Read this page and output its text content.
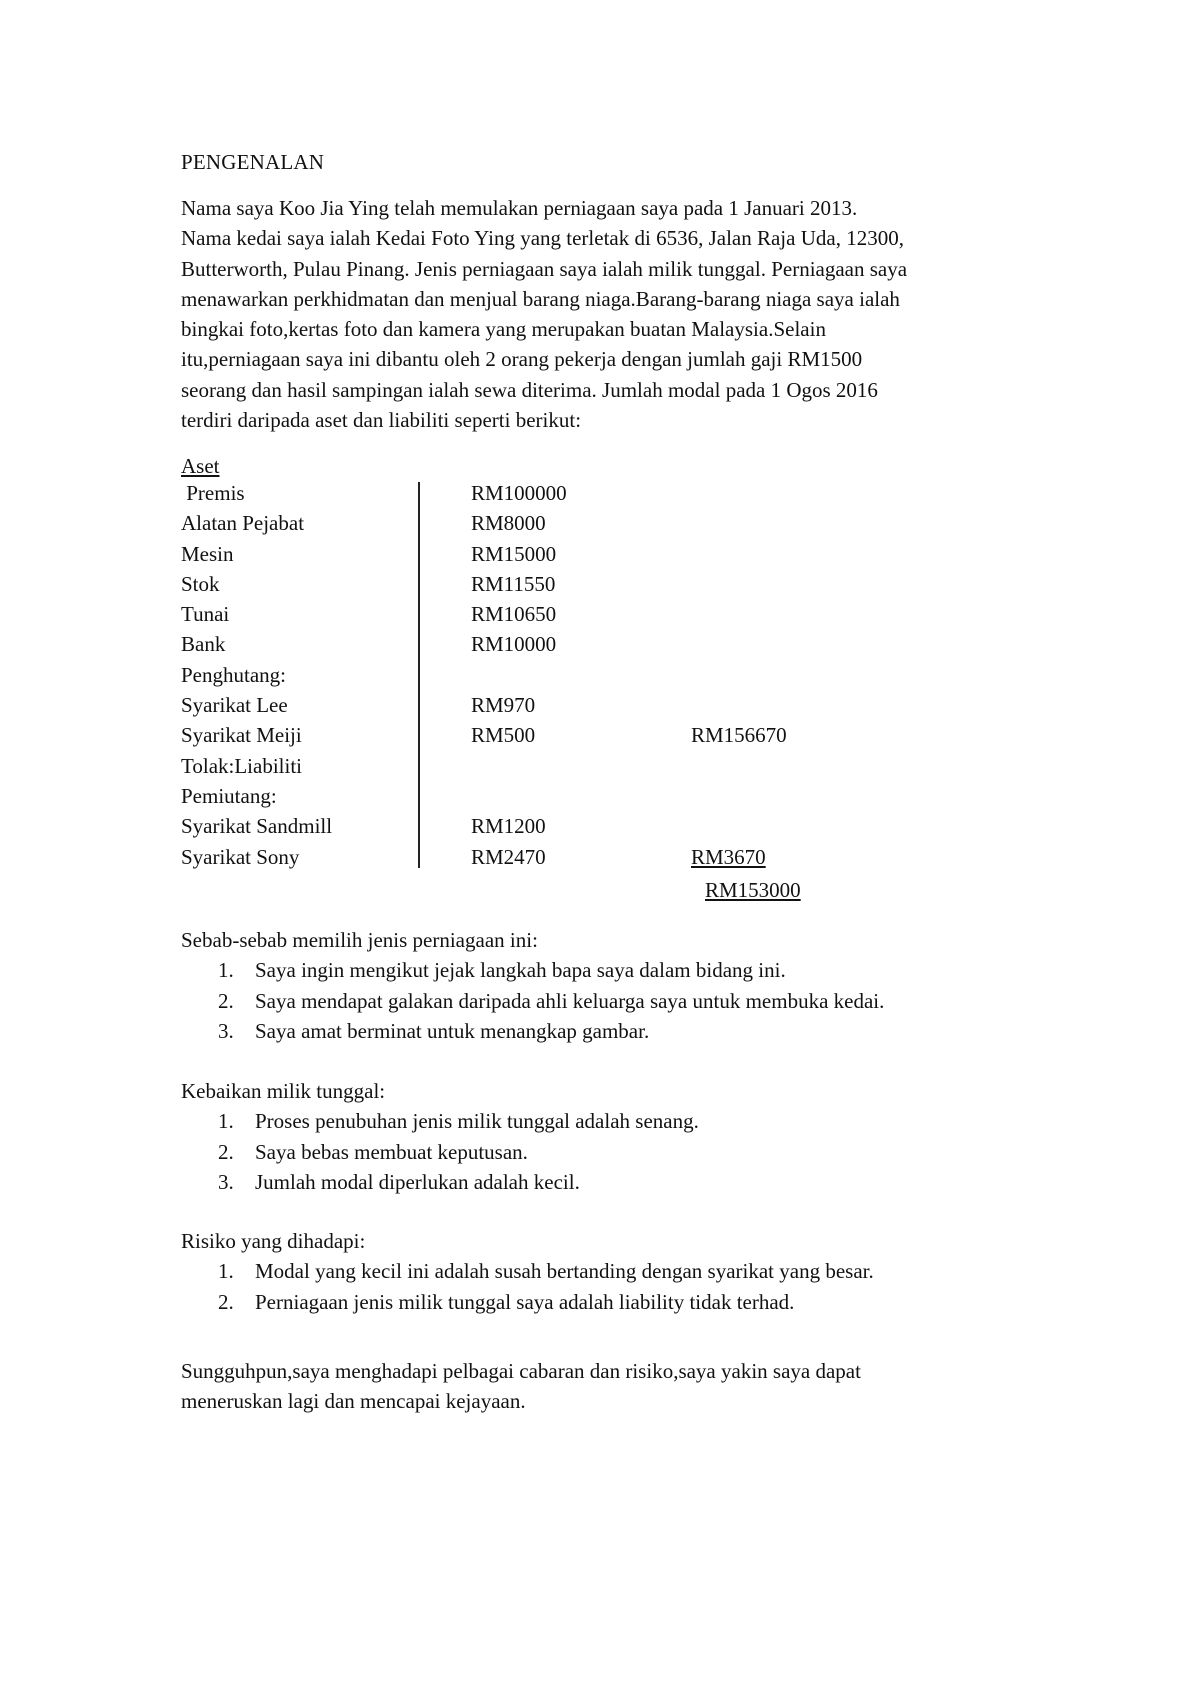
PENGENALAN
Nama saya Koo Jia Ying telah memulakan perniagaan saya pada 1 Januari 2013.
Nama kedai saya ialah Kedai Foto Ying yang terletak di 6536, Jalan Raja Uda, 12300,
Butterworth, Pulau Pinang. Jenis perniagaan saya ialah milik tunggal. Perniagaan saya
menawarkan perkhidmatan dan menjual barang niaga.Barang-barang niaga saya ialah
bingkai foto,kertas foto dan kamera yang merupakan buatan Malaysia.Selain
itu,perniagaan saya ini dibantu oleh 2 orang pekerja dengan jumlah gaji RM1500
seorang dan hasil sampingan ialah sewa diterima. Jumlah modal pada 1 Ogos 2016
terdiri daripada aset dan liabiliti seperti berikut:
Aset
Premis	RM100000
Alatan Pejabat	RM8000
Mesin	RM15000
Stok	RM11550
Tunai	RM10650
Bank	RM10000
Penghutang:
Syarikat Lee	RM970
Syarikat Meiji	RM500	RM156670
Tolak:Liabiliti
Pemiutang:
Syarikat Sandmill	RM1200
Syarikat Sony	RM2470	RM3670
RM153000
Sebab-sebab memilih jenis perniagaan ini:
1. Saya ingin mengikut jejak langkah bapa saya dalam bidang ini.
2. Saya mendapat galakan daripada ahli keluarga saya untuk membuka kedai.
3. Saya amat berminat untuk menangkap gambar.
Kebaikan milik tunggal:
1. Proses penubuhan jenis milik tunggal adalah senang.
2. Saya bebas membuat keputusan.
3. Jumlah modal diperlukan adalah kecil.
Risiko yang dihadapi:
1. Modal yang kecil ini adalah susah bertanding dengan syarikat yang besar.
2. Perniagaan jenis milik tunggal saya adalah liability tidak terhad.
Sungguhpun,saya menghadapi pelbagai cabaran dan risiko,saya yakin saya dapat
meneruskan lagi dan mencapai kejayaan.
